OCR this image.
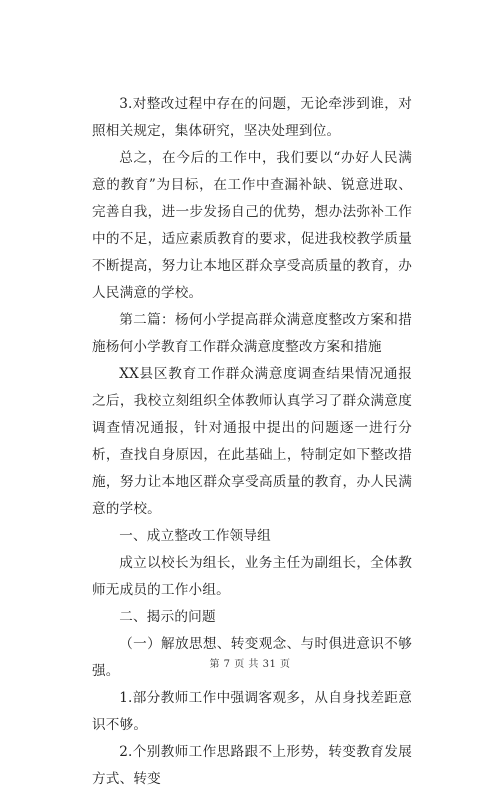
3.对整改过程中存在的问题，无论牵涉到谁，对照相关规定，集体研究，坚决处理到位。

总之，在今后的工作中，我们要以“办好人民满意的教育”为目标，在工作中查漏补缺、锐意进取、完善自我，进一步发扬自己的优势，想办法弥补工作中的不足，适应素质教育的要求，促进我校教学质量不断提高，努力让本地区群众享受高质量的教育，办人民满意的学校。

第二篇：杨何小学提高群众满意度整改方案和措施杨何小学教育工作群众满意度整改方案和措施

XX县区教育工作群众满意度调查结果情况通报之后，我校立刻组织全体教师认真学习了群众满意度调查情况通报，针对通报中提出的问题逐一进行分析，查找自身原因，在此基础上，特制定如下整改措施，努力让本地区群众享受高质量的教育，办人民满意的学校。

一、成立整改工作领导组

成立以校长为组长，业务主任为副组长，全体教师无成员的工作小组。

二、揭示的问题

（一）解放思想、转变观念、与时俱进意识不够强。

1.部分教师工作中强调客观多，从自身找差距意识不够。

2.个别教师工作思路跟不上形势，转变教育发展方式、转变

第 7 页 共 31 页
